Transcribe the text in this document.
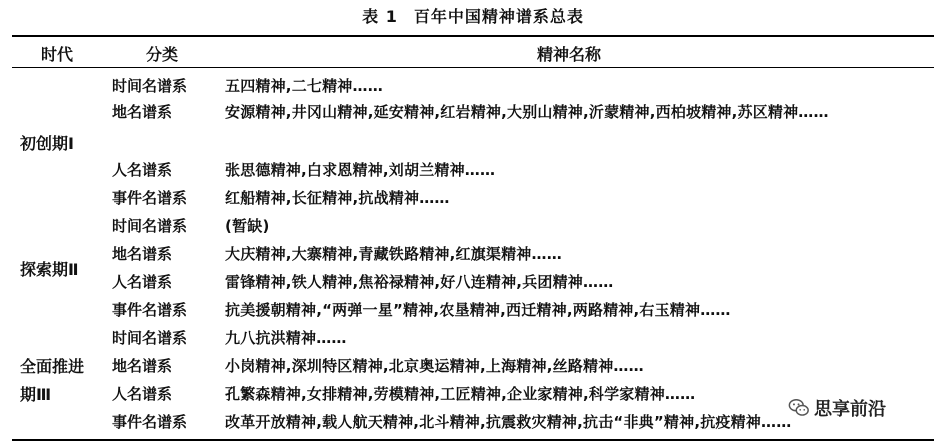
表 1 百年中国精神谱系总表
时代	分类	精神名称
初创期Ⅰ
时间名谱系	五四精神,二七精神……
地名谱系	安源精神,井冈山精神,延安精神,红岩精神,大别山精神,沂蒙精神,西柏坡精神,苏区精神……
人名谱系	张思德精神,白求恩精神,刘胡兰精神……
事件名谱系	红船精神,长征精神,抗战精神……
探索期Ⅱ
时间名谱系	(暂缺)
地名谱系	大庆精神,大寨精神,青藏铁路精神,红旗渠精神……
人名谱系	雷锋精神,铁人精神,焦裕禄精神,好八连精神,兵团精神……
事件名谱系	抗美援朝精神,“两弹一星”精神,农垦精神,西迁精神,两路精神,右玉精神……
全面推进
期Ⅲ
时间名谱系	九八抗洪精神……
地名谱系	小岗精神,深圳特区精神,北京奥运精神,上海精神,丝路精神……
人名谱系	孔繁森精神,女排精神,劳模精神,工匠精神,企业家精神,科学家精神……
事件名谱系	改革开放精神,载人航天精神,北斗精神,抗震救灾精神,抗击“非典”精神,抗疫精神……
思享前沿
